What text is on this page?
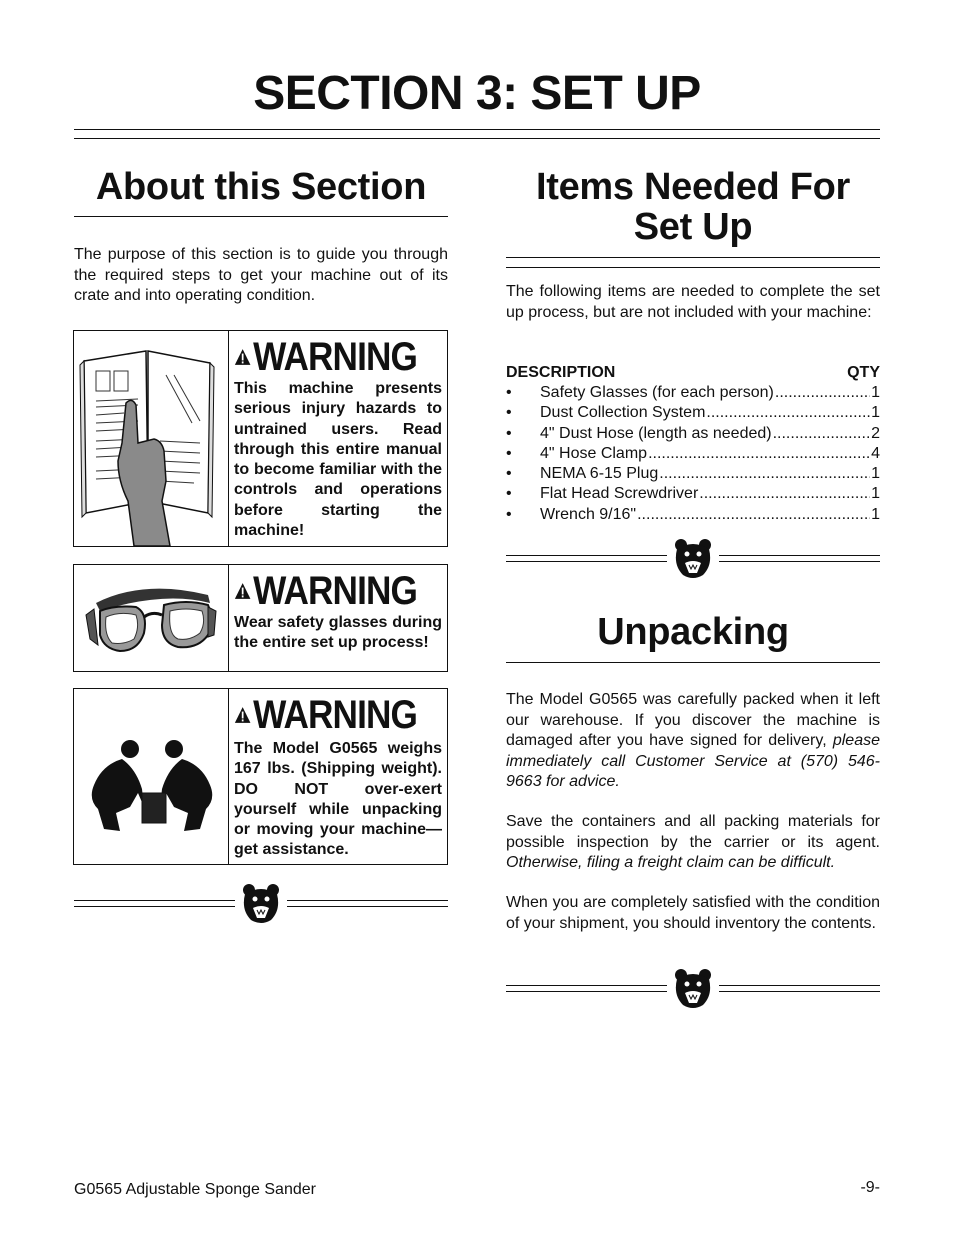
SECTION 3: SET UP
About this Section
The purpose of this section is to guide you through the required steps to get your machine out of its crate and into operating condition.
WARNING
This machine presents serious injury hazards to untrained users. Read through this entire manual to become familiar with the controls and operations before starting the machine!
WARNING
Wear safety glasses during the entire set up process!
WARNING
The Model G0565 weighs 167 lbs. (Shipping weight). DO NOT over-exert yourself while unpacking or moving your machine—get assistance.
Items Needed For
Set Up
The following items are needed to complete the set up process, but are not included with your machine:
DESCRIPTION	QTY
•	Safety Glasses (for each person) .....	1
•	Dust Collection System .....	1
•	4" Dust Hose (length as needed) .....	2
•	4" Hose Clamp .....	4
•	NEMA 6-15 Plug .....	1
•	Flat Head Screwdriver .....	1
•	Wrench 9/16" .....	1
Unpacking
The Model G0565 was carefully packed when it left our warehouse. If you discover the machine is damaged after you have signed for delivery, please immediately call Customer Service at (570) 546-9663 for advice.
Save the containers and all packing materials for possible inspection by the carrier or its agent. Otherwise, filing a freight claim can be difficult.
When you are completely satisfied with the condition of your shipment, you should inventory the contents.
G0565 Adjustable Sponge Sander	-9-
